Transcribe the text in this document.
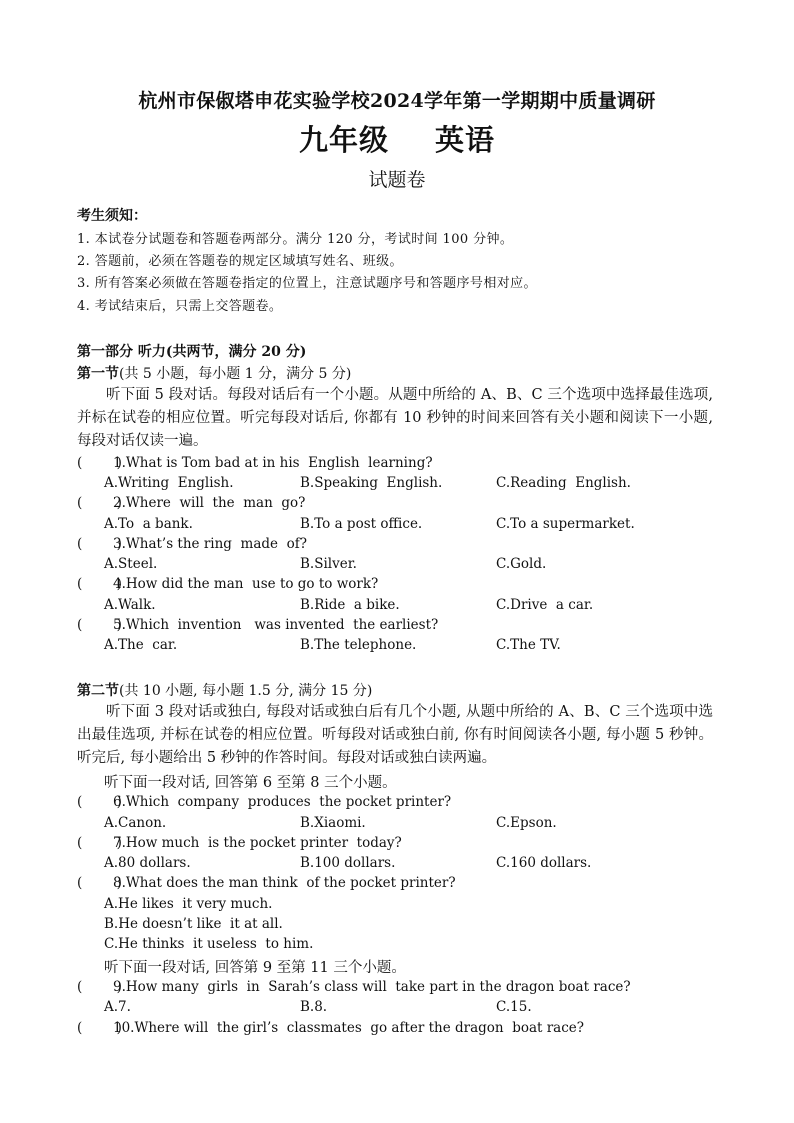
杭州市保俶塔申花实验学校2024学年第一学期期中质量调研
九年级 英语
试题卷
考生须知：
1. 本试卷分试题卷和答题卷两部分。满分 120 分，考试时间 100 分钟。
2. 答题前，必须在答题卷的规定区域填写姓名、班级。
3. 所有答案必须做在答题卷指定的位置上，注意试题序号和答题序号相对应。
4. 考试结束后，只需上交答题卷。
第一部分 听力(共两节，满分 20 分)
第一节(共 5 小题，每小题 1 分，满分 5 分)
听下面 5 段对话。每段对话后有一个小题。从题中所给的 A、B、C 三个选项中选择最佳选项, 并标在试卷的相应位置。听完每段对话后, 你都有 10 秒钟的时间来回答有关小题和阅读下一小题, 每段对话仅读一遍。
(        )1.What is Tom bad at in his  English  learning?
A.Writing  English.	B.Speaking  English.	C.Reading  English.
(        )2.Where  will  the  man  go?
A.To  a bank.	B.To a post office.	C.To a supermarket.
(        )3.What’s the ring  made  of?
A.Steel.	B.Silver.	C.Gold.
(        )4.How did the man  use to go to work?
A.Walk.	B.Ride  a bike.	C.Drive  a car.
(        )5.Which  invention   was invented  the earliest?
A.The  car.	B.The telephone.	C.The TV.
第二节(共 10 小题, 每小题 1.5 分, 满分 15 分)
听下面 3 段对话或独白, 每段对话或独白后有几个小题, 从题中所给的 A、B、C 三个选项中选出最佳选项, 并标在试卷的相应位置。听每段对话或独白前, 你有时间阅读各小题, 每小题 5 秒钟。听完后, 每小题给出 5 秒钟的作答时间。每段对话或独白读两遍。
听下面一段对话, 回答第 6 至第 8 三个小题。
(        )6.Which  company  produces  the pocket printer?
A.Canon.	B.Xiaomi.	C.Epson.
(        )7.How much  is the pocket printer  today?
A.80 dollars.	B.100 dollars.	C.160 dollars.
(        )8.What does the man think  of the pocket printer?
A.He likes  it very much.
B.He doesn’t like  it at all.
C.He thinks  it useless  to him.
听下面一段对话, 回答第 9 至第 11 三个小题。
(        )9.How many  girls  in  Sarah’s class will  take part in the dragon boat race?
A.7.	B.8.	C.15.
(        )10.Where will  the girl’s  classmates  go after the dragon  boat race?
